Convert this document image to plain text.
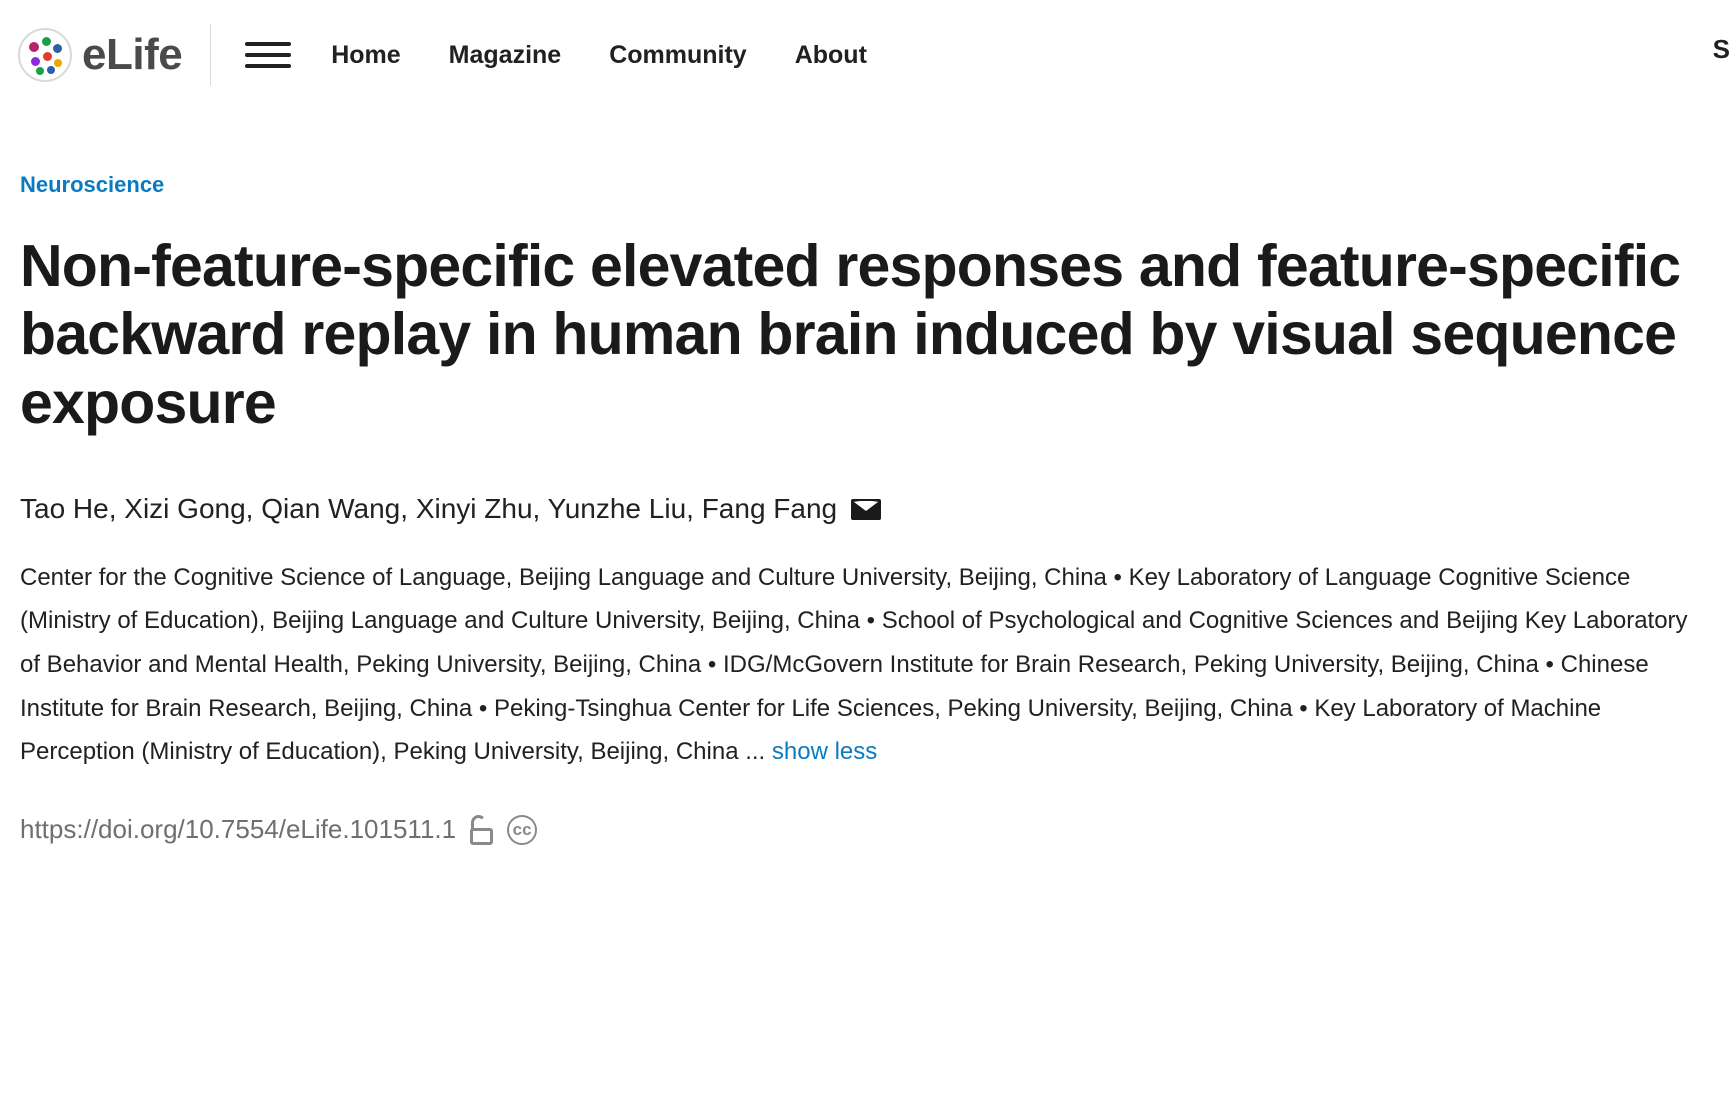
eLife	Home Magazine Community About	S
Neuroscience
Non-feature-specific elevated responses and feature-specific backward replay in human brain induced by visual sequence exposure
Tao He, Xizi Gong, Qian Wang, Xinyi Zhu, Yunzhe Liu, Fang Fang

Center for the Cognitive Science of Language, Beijing Language and Culture University, Beijing, China • Key Laboratory of Language Cognitive Science (Ministry of Education), Beijing Language and Culture University, Beijing, China • School of Psychological and Cognitive Sciences and Beijing Key Laboratory of Behavior and Mental Health, Peking University, Beijing, China • IDG/McGovern Institute for Brain Research, Peking University, Beijing, China • Chinese Institute for Brain Research, Beijing, China • Peking-Tsinghua Center for Life Sciences, Peking University, Beijing, China • Key Laboratory of Machine Perception (Ministry of Education), Peking University, Beijing, China ... show less

https://doi.org/10.7554/eLife.101511.1	cc
